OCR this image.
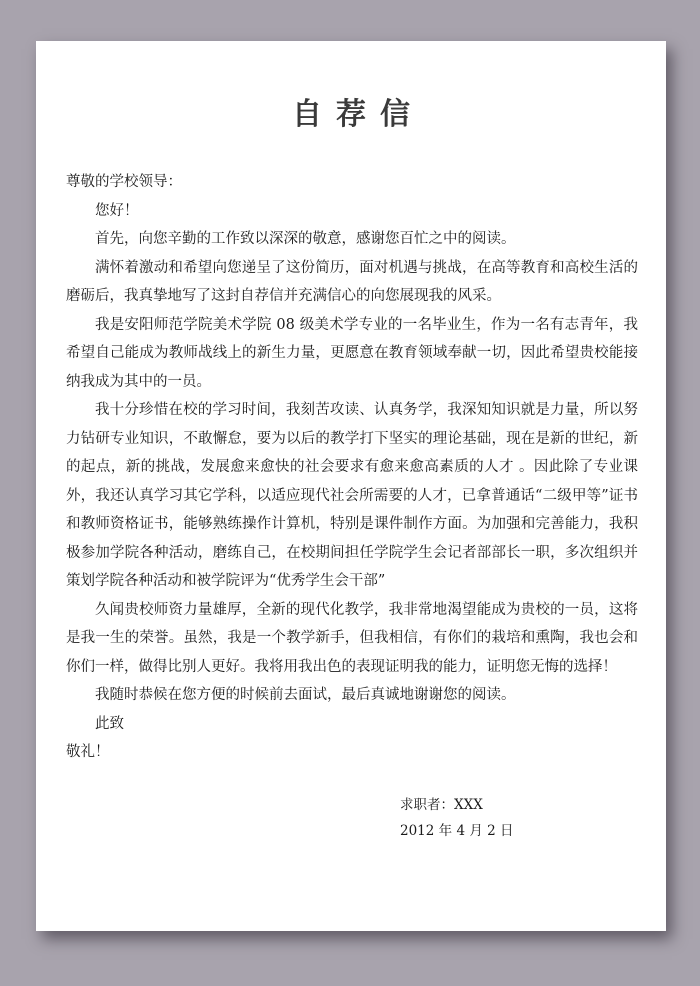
自荐信

尊敬的学校领导：

您好！

首先，向您辛勤的工作致以深深的敬意，感谢您百忙之中的阅读。

满怀着激动和希望向您递呈了这份简历，面对机遇与挑战，在高等教育和高校生活的磨砺后，我真挚地写了这封自荐信并充满信心的向您展现我的风采。

我是安阳师范学院美术学院 08 级美术学专业的一名毕业生，作为一名有志青年，我希望自己能成为教师战线上的新生力量，更愿意在教育领域奉献一切，因此希望贵校能接纳我成为其中的一员。

我十分珍惜在校的学习时间，我刻苦攻读、认真务学，我深知知识就是力量，所以努力钻研专业知识，不敢懈怠，要为以后的教学打下坚实的理论基础，现在是新的世纪，新的起点，新的挑战，发展愈来愈快的社会要求有愈来愈高素质的人才 。因此除了专业课外，我还认真学习其它学科，以适应现代社会所需要的人才，已拿普通话“二级甲等”证书和教师资格证书，能够熟练操作计算机，特别是课件制作方面。为加强和完善能力，我积极参加学院各种活动，磨练自己，在校期间担任学院学生会记者部部长一职，多次组织并策划学院各种活动和被学院评为“优秀学生会干部”

久闻贵校师资力量雄厚，全新的现代化教学，我非常地渴望能成为贵校的一员，这将是我一生的荣誉。虽然，我是一个教学新手，但我相信，有你们的栽培和熏陶，我也会和你们一样，做得比别人更好。我将用我出色的表现证明我的能力，证明您无悔的选择！

我随时恭候在您方便的时候前去面试，最后真诚地谢谢您的阅读。

此致

敬礼！

求职者：XXX
2012 年 4 月 2 日
